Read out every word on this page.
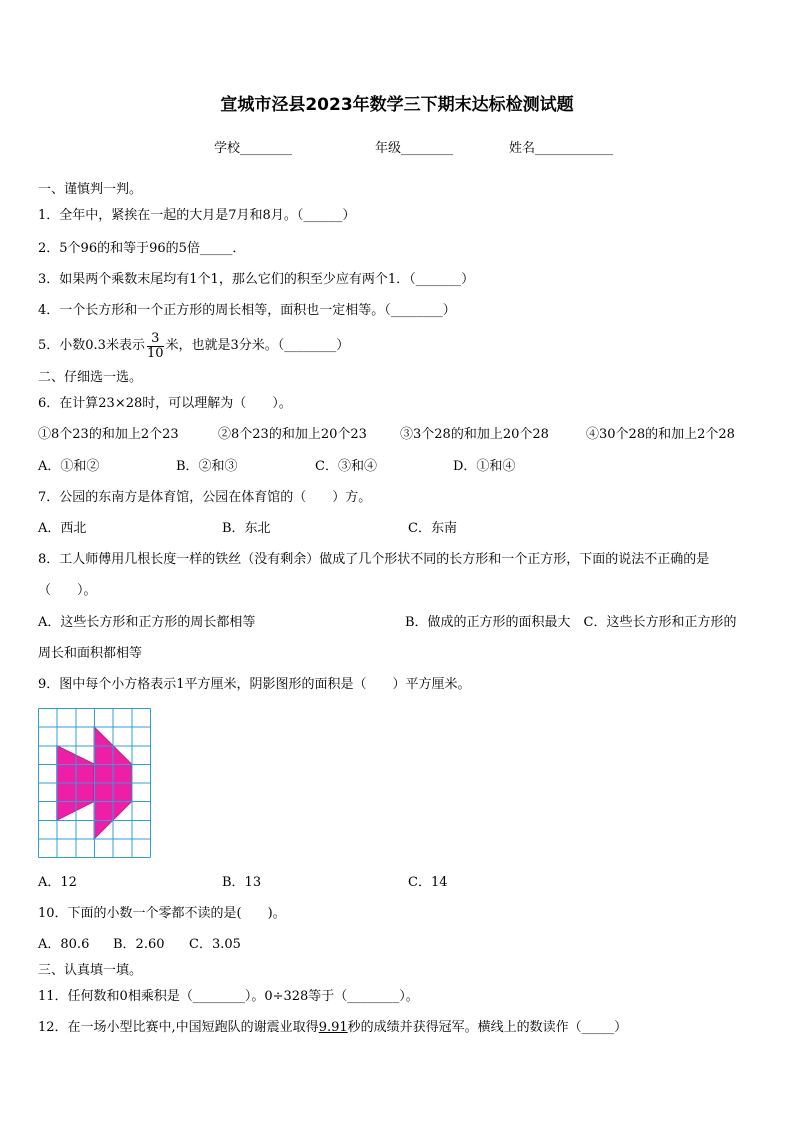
宣城市泾县2023年数学三下期末达标检测试题
学校________	年级________	姓名____________
一、谨慎判一判。
1．全年中，紧挨在一起的大月是7月和8月。（______）
2．5个96的和等于96的5倍_____．
3．如果两个乘数末尾均有1个1，那么它们的积至少应有两个1．（_______）
4．一个长方形和一个正方形的周长相等，面积也一定相等。（________）
5．小数0.3米表示 $\frac{3}{10}$ 米，也就是3分米。（________）
二、仔细选一选。
6．在计算23×28时，可以理解为（　　）。
①8个23的和加上2个23	②8个23的和加上20个23	③3个28的和加上20个28	④30个28的和加上2个28
A．①和②	B．②和③	C．③和④	D．①和④
7．公园的东南方是体育馆，公园在体育馆的（　　）方。
A．西北	B．东北	C．东南
8．工人师傅用几根长度一样的铁丝（没有剩余）做成了几个形状不同的长方形和一个正方形，下面的说法不正确的是
（　　）。
A．这些长方形和正方形的周长都相等	B．做成的正方形的面积最大　C．这些长方形和正方形的
周长和面积都相等
9．图中每个小方格表示1平方厘米，阴影图形的面积是（　　）平方厘米。
A．12	B．13	C．14
10．下面的小数一个零都不读的是(　　)。
A．80.6 B．2.60 C．3.05
三、认真填一填。
11．任何数和0相乘积是（________）。0÷328等于（________）。
12．在一场小型比赛中,中国短跑队的谢震业取得9.91秒的成绩并获得冠军。横线上的数读作（_____）
